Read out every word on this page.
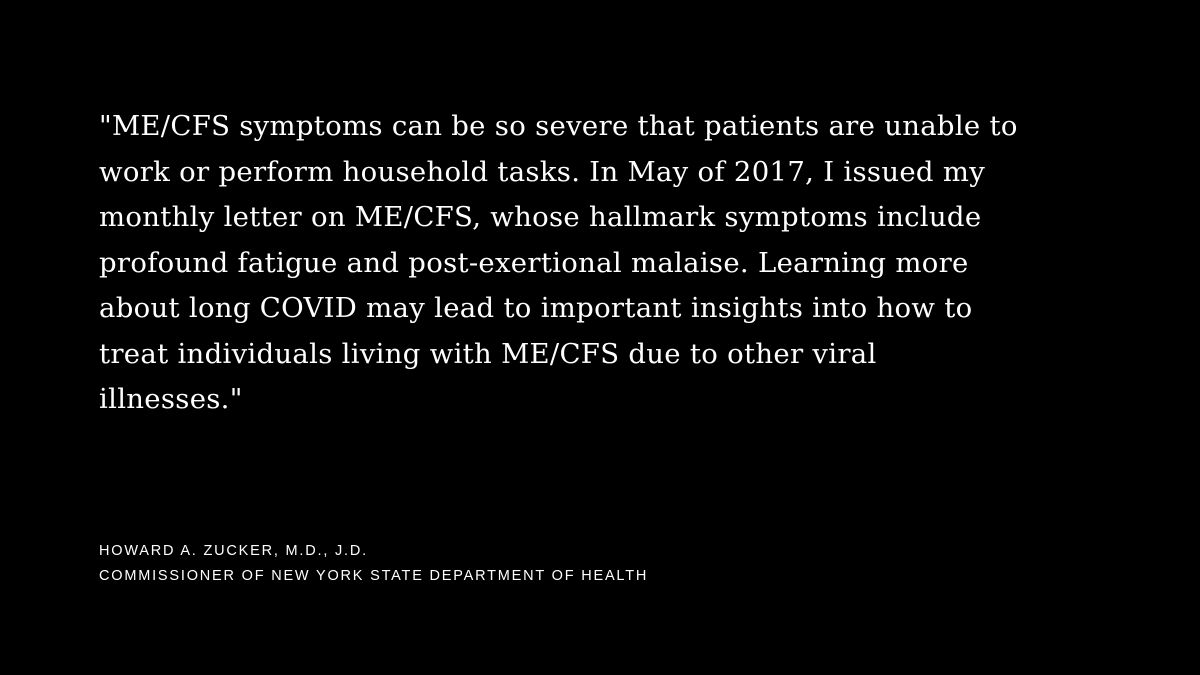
"ME/CFS symptoms can be so severe that patients are unable to
work or perform household tasks. In May of 2017, I issued my
monthly letter on ME/CFS, whose hallmark symptoms include
profound fatigue and post-exertional malaise. Learning more
about long COVID may lead to important insights into how to
treat individuals living with ME/CFS due to other viral
illnesses."

HOWARD A. ZUCKER, M.D., J.D.
COMMISSIONER OF NEW YORK STATE DEPARTMENT OF HEALTH
